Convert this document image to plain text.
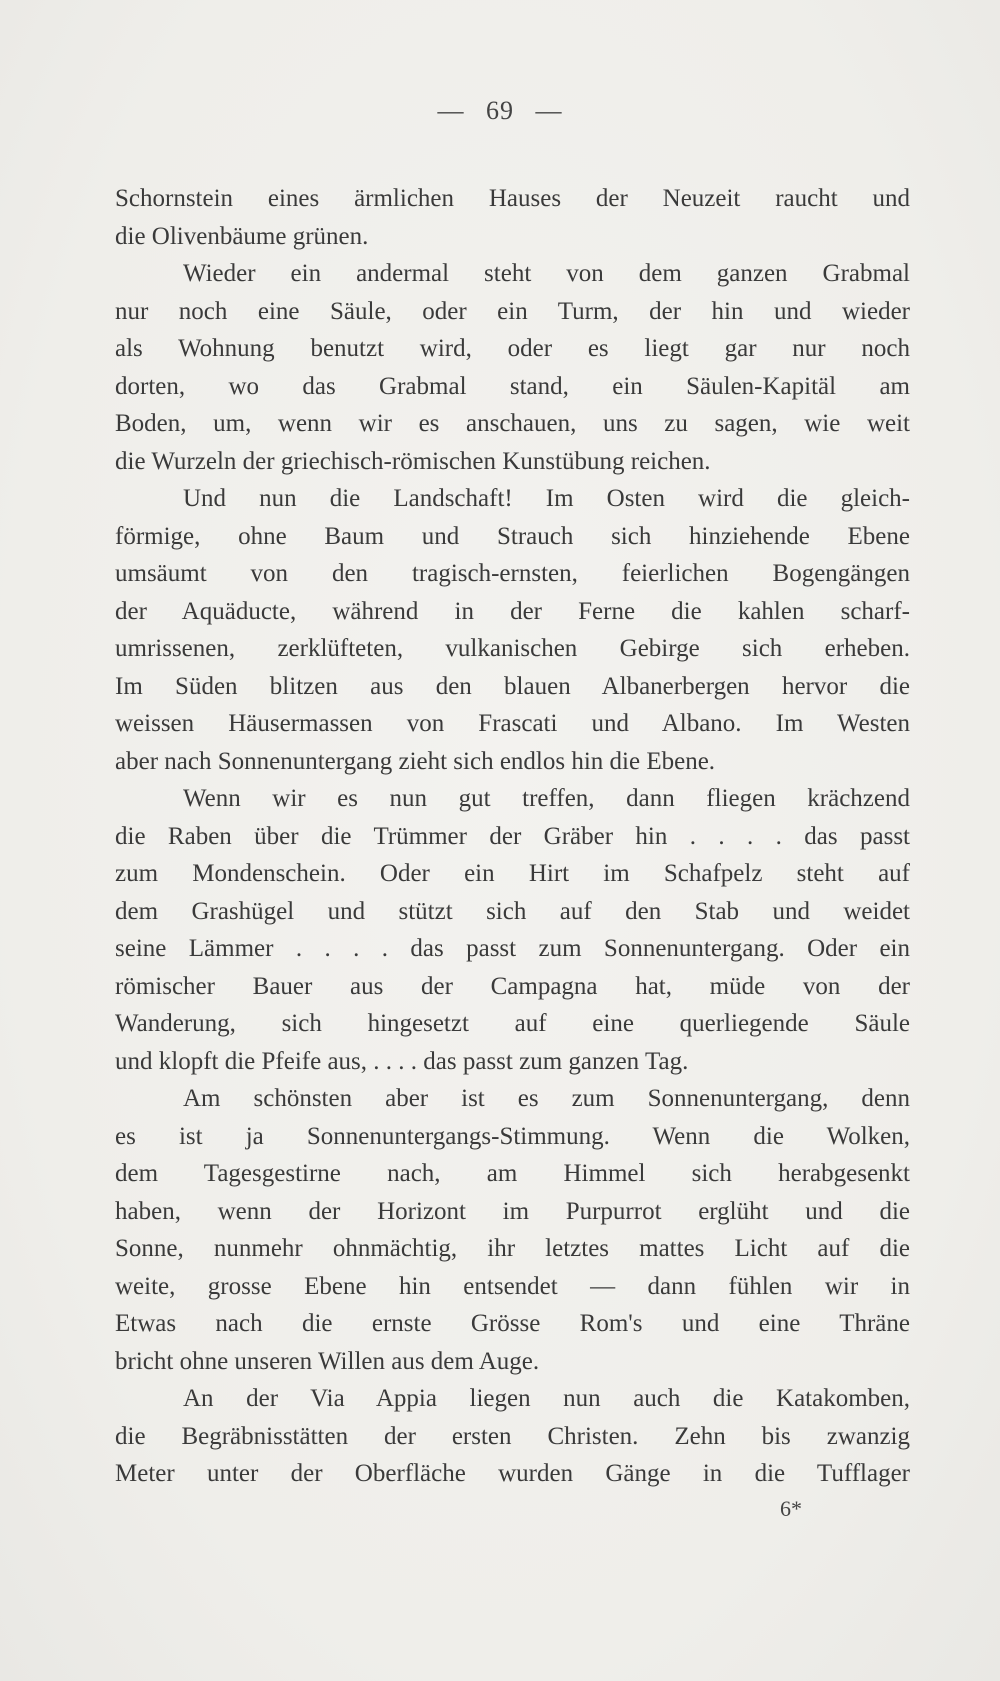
— 69 —
Schornstein eines ärmlichen Hauses der Neuzeit raucht und
die Olivenbäume grünen.
Wieder ein andermal steht von dem ganzen Grabmal
nur noch eine Säule, oder ein Turm, der hin und wieder
als Wohnung benutzt wird, oder es liegt gar nur noch
dorten, wo das Grabmal stand, ein Säulen-Kapitäl am
Boden, um, wenn wir es anschauen, uns zu sagen, wie weit
die Wurzeln der griechisch-römischen Kunstübung reichen.
Und nun die Landschaft! Im Osten wird die gleich-
förmige, ohne Baum und Strauch sich hinziehende Ebene
umsäumt von den tragisch-ernsten, feierlichen Bogengängen
der Aquäducte, während in der Ferne die kahlen scharf-
umrissenen, zerklüfteten, vulkanischen Gebirge sich erheben.
Im Süden blitzen aus den blauen Albanerbergen hervor die
weissen Häusermassen von Frascati und Albano. Im Westen
aber nach Sonnenuntergang zieht sich endlos hin die Ebene.
Wenn wir es nun gut treffen, dann fliegen krächzend
die Raben über die Trümmer der Gräber hin . . . . das passt
zum Mondenschein. Oder ein Hirt im Schafpelz steht auf
dem Grashügel und stützt sich auf den Stab und weidet
seine Lämmer . . . . das passt zum Sonnenuntergang. Oder ein
römischer Bauer aus der Campagna hat, müde von der
Wanderung, sich hingesetzt auf eine querliegende Säule
und klopft die Pfeife aus, . . . . das passt zum ganzen Tag.
Am schönsten aber ist es zum Sonnenuntergang, denn
es ist ja Sonnenuntergangs-Stimmung. Wenn die Wolken,
dem Tagesgestirne nach, am Himmel sich herabgesenkt
haben, wenn der Horizont im Purpurrot erglüht und die
Sonne, nunmehr ohnmächtig, ihr letztes mattes Licht auf die
weite, grosse Ebene hin entsendet — dann fühlen wir in
Etwas nach die ernste Grösse Rom's und eine Thräne
bricht ohne unseren Willen aus dem Auge.
An der Via Appia liegen nun auch die Katakomben,
die Begräbnisstätten der ersten Christen. Zehn bis zwanzig
Meter unter der Oberfläche wurden Gänge in die Tufflager
6*
